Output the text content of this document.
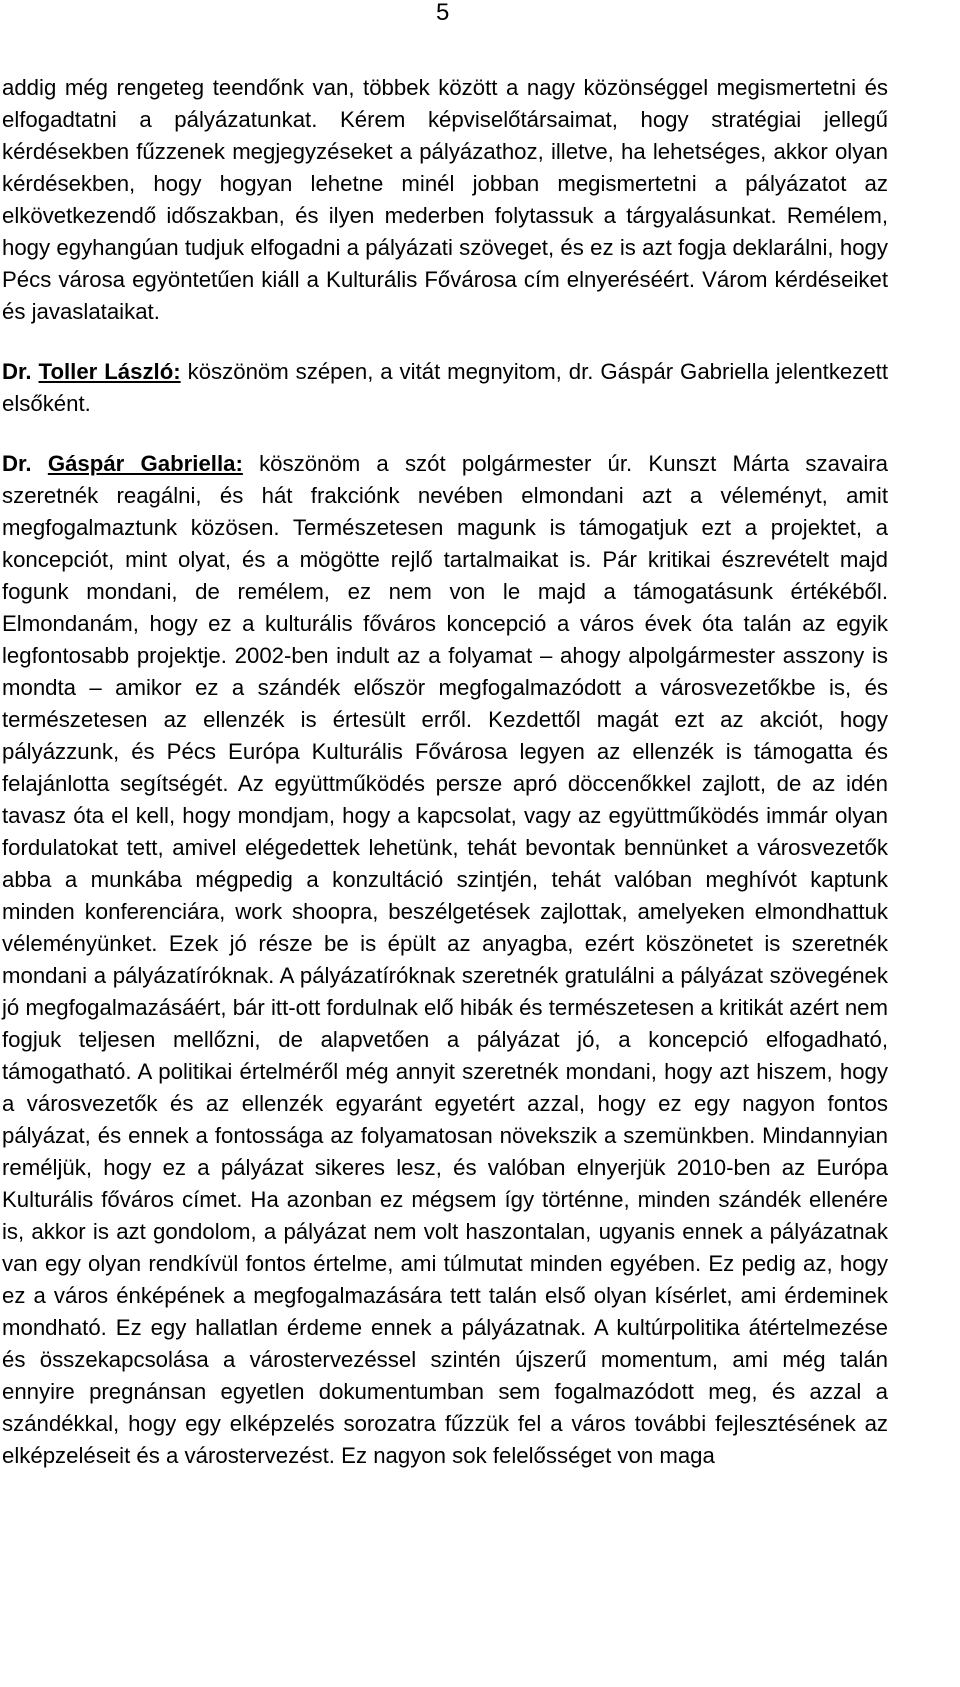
5

addig még rengeteg teendőnk van, többek között a nagy közönséggel megismertetni és elfogadtatni a pályázatunkat. Kérem képviselőtársaimat, hogy stratégiai jellegű kérdésekben fűzzenek megjegyzéseket a pályázathoz, illetve, ha lehetséges, akkor olyan kérdésekben, hogy hogyan lehetne minél jobban megismertetni a pályázatot az elkövetkezendő időszakban, és ilyen mederben folytassuk a tárgyalásunkat. Remélem, hogy egyhangúan tudjuk elfogadni a pályázati szöveget, és ez is azt fogja deklarálni, hogy Pécs városa egyöntetűen kiáll a Kulturális Fővárosa cím elnyeréséért. Várom kérdéseiket és javaslataikat.

Dr. Toller László: köszönöm szépen, a vitát megnyitom, dr. Gáspár Gabriella jelentkezett elsőként.

Dr. Gáspár Gabriella: köszönöm a szót polgármester úr. Kunszt Márta szavaira szeretnék reagálni, és hát frakciónk nevében elmondani azt a véleményt, amit megfogalmaztunk közösen. Természetesen magunk is támogatjuk ezt a projektet, a koncepciót, mint olyat, és a mögötte rejlő tartalmaikat is. Pár kritikai észrevételt majd fogunk mondani, de remélem, ez nem von le majd a támogatásunk értékéből. Elmondanám, hogy ez a kulturális főváros koncepció a város évek óta talán az egyik legfontosabb projektje. 2002-ben indult az a folyamat – ahogy alpolgármester asszony is mondta – amikor ez a szándék először megfogalmazódott a városvezetőkbe is, és természetesen az ellenzék is értesült erről. Kezdettől magát ezt az akciót, hogy pályázzunk, és Pécs Európa Kulturális Fővárosa legyen az ellenzék is támogatta és felajánlotta segítségét. Az együttműködés persze apró döccenőkkel zajlott, de az idén tavasz óta el kell, hogy mondjam, hogy a kapcsolat, vagy az együttműködés immár olyan fordulatokat tett, amivel elégedettek lehetünk, tehát bevontak bennünket a városvezetők abba a munkába mégpedig a konzultáció szintjén, tehát valóban meghívót kaptunk minden konferenciára, work shoopra, beszélgetések zajlottak, amelyeken elmondhattuk véleményünket. Ezek jó része be is épült az anyagba, ezért köszönetet is szeretnék mondani a pályázatíróknak. A pályázatíróknak szeretnék gratulálni a pályázat szövegének jó megfogalmazásáért, bár itt-ott fordulnak elő hibák és természetesen a kritikát azért nem fogjuk teljesen mellőzni, de alapvetően a pályázat jó, a koncepció elfogadható, támogatható. A politikai értelméről még annyit szeretnék mondani, hogy azt hiszem, hogy a városvezetők és az ellenzék egyaránt egyetért azzal, hogy ez egy nagyon fontos pályázat, és ennek a fontossága az folyamatosan növekszik a szemünkben. Mindannyian reméljük, hogy ez a pályázat sikeres lesz, és valóban elnyerjük 2010-ben az Európa Kulturális főváros címet. Ha azonban ez mégsem így történne, minden szándék ellenére is, akkor is azt gondolom, a pályázat nem volt haszontalan, ugyanis ennek a pályázatnak van egy olyan rendkívül fontos értelme, ami túlmutat minden egyében. Ez pedig az, hogy ez a város énképének a megfogalmazására tett talán első olyan kísérlet, ami érdeminek mondható. Ez egy hallatlan érdeme ennek a pályázatnak. A kultúrpolitika átértelmezése és összekapcsolása a várostervezéssel szintén újszerű momentum, ami még talán ennyire pregnánsan egyetlen dokumentumban sem fogalmazódott meg, és azzal a szándékkal, hogy egy elképzelés sorozatra fűzzük fel a város további fejlesztésének az elképzeléseit és a várostervezést. Ez nagyon sok felelősséget von maga
